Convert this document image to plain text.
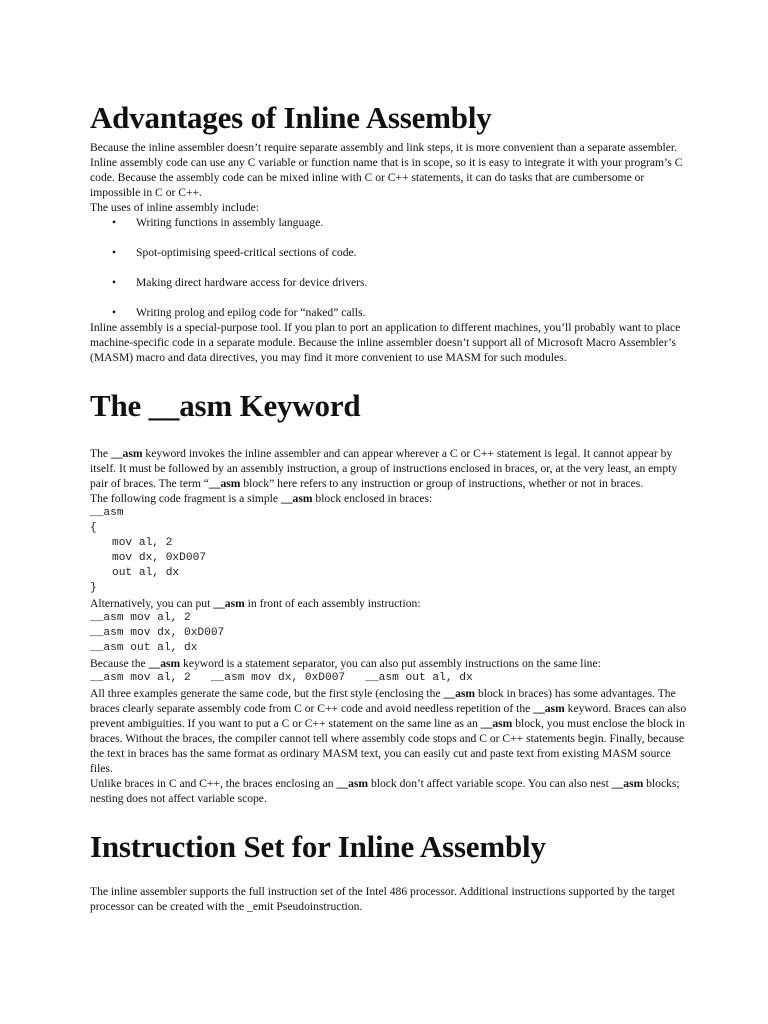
Advantages of Inline Assembly

Because the inline assembler doesn’t require separate assembly and link steps, it is more convenient than a separate assembler. Inline assembly code can use any C variable or function name that is in scope, so it is easy to integrate it with your program’s C code. Because the assembly code can be mixed inline with C or C++ statements, it can do tasks that are cumbersome or impossible in C or C++.

The uses of inline assembly include:

• Writing functions in assembly language.
• Spot-optimising speed-critical sections of code.
• Making direct hardware access for device drivers.
• Writing prolog and epilog code for “naked” calls.

Inline assembly is a special-purpose tool. If you plan to port an application to different machines, you’ll probably want to place machine-specific code in a separate module. Because the inline assembler doesn’t support all of Microsoft Macro Assembler’s (MASM) macro and data directives, you may find it more convenient to use MASM for such modules.

The __asm Keyword

The __asm keyword invokes the inline assembler and can appear wherever a C or C++ statement is legal. It cannot appear by itself. It must be followed by an assembly instruction, a group of instructions enclosed in braces, or, at the very least, an empty pair of braces. The term “__asm block” here refers to any instruction or group of instructions, whether or not in braces.

The following code fragment is a simple __asm block enclosed in braces:

__asm
{
mov al, 2
mov dx, 0xD007
out al, dx
}

Alternatively, you can put __asm in front of each assembly instruction:

__asm mov al, 2
__asm mov dx, 0xD007
__asm out al, dx

Because the __asm keyword is a statement separator, you can also put assembly instructions on the same line:

__asm mov al, 2   __asm mov dx, 0xD007   __asm out al, dx

All three examples generate the same code, but the first style (enclosing the __asm block in braces) has some advantages. The braces clearly separate assembly code from C or C++ code and avoid needless repetition of the __asm keyword. Braces can also prevent ambiguities. If you want to put a C or C++ statement on the same line as an __asm block, you must enclose the block in braces. Without the braces, the compiler cannot tell where assembly code stops and C or C++ statements begin. Finally, because the text in braces has the same format as ordinary MASM text, you can easily cut and paste text from existing MASM source files.

Unlike braces in C and C++, the braces enclosing an __asm block don’t affect variable scope. You can also nest __asm blocks; nesting does not affect variable scope.

Instruction Set for Inline Assembly

The inline assembler supports the full instruction set of the Intel 486 processor. Additional instructions supported by the target processor can be created with the _emit Pseudoinstruction.
